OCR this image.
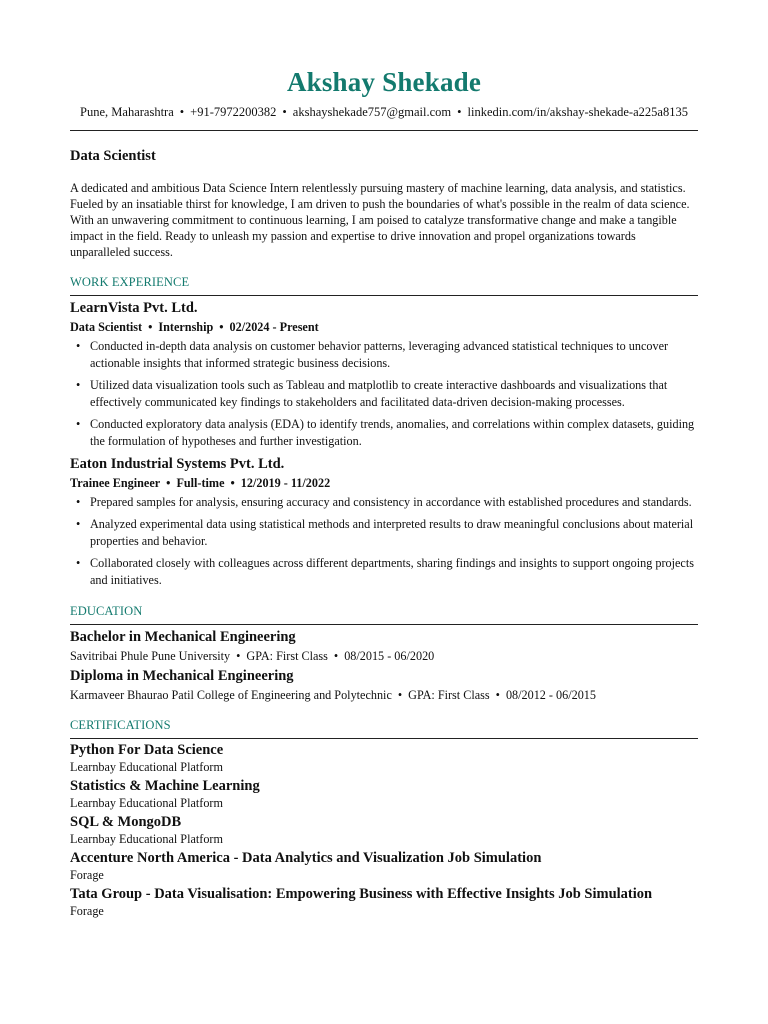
Akshay Shekade
Pune, Maharashtra • +91-7972200382 • akshayshekade757@gmail.com • linkedin.com/in/akshay-shekade-a225a8135
Data Scientist
A dedicated and ambitious Data Science Intern relentlessly pursuing mastery of machine learning, data analysis, and statistics. Fueled by an insatiable thirst for knowledge, I am driven to push the boundaries of what's possible in the realm of data science. With an unwavering commitment to continuous learning, I am poised to catalyze transformative change and make a tangible impact in the field. Ready to unleash my passion and expertise to drive innovation and propel organizations towards unparalleled success.
WORK EXPERIENCE
LearnVista Pvt. Ltd.
Data Scientist • Internship • 02/2024 - Present
• Conducted in-depth data analysis on customer behavior patterns, leveraging advanced statistical techniques to uncover actionable insights that informed strategic business decisions.
• Utilized data visualization tools such as Tableau and matplotlib to create interactive dashboards and visualizations that effectively communicated key findings to stakeholders and facilitated data-driven decision-making processes.
• Conducted exploratory data analysis (EDA) to identify trends, anomalies, and correlations within complex datasets, guiding the formulation of hypotheses and further investigation.
Eaton Industrial Systems Pvt. Ltd.
Trainee Engineer • Full-time • 12/2019 - 11/2022
• Prepared samples for analysis, ensuring accuracy and consistency in accordance with established procedures and standards.
• Analyzed experimental data using statistical methods and interpreted results to draw meaningful conclusions about material properties and behavior.
• Collaborated closely with colleagues across different departments, sharing findings and insights to support ongoing projects and initiatives.
EDUCATION
Bachelor in Mechanical Engineering
Savitribai Phule Pune University • GPA: First Class • 08/2015 - 06/2020
Diploma in Mechanical Engineering
Karmaveer Bhaurao Patil College of Engineering and Polytechnic • GPA: First Class • 08/2012 - 06/2015
CERTIFICATIONS
Python For Data Science
Learnbay Educational Platform
Statistics & Machine Learning
Learnbay Educational Platform
SQL & MongoDB
Learnbay Educational Platform
Accenture North America - Data Analytics and Visualization Job Simulation
Forage
Tata Group - Data Visualisation: Empowering Business with Effective Insights Job Simulation
Forage
